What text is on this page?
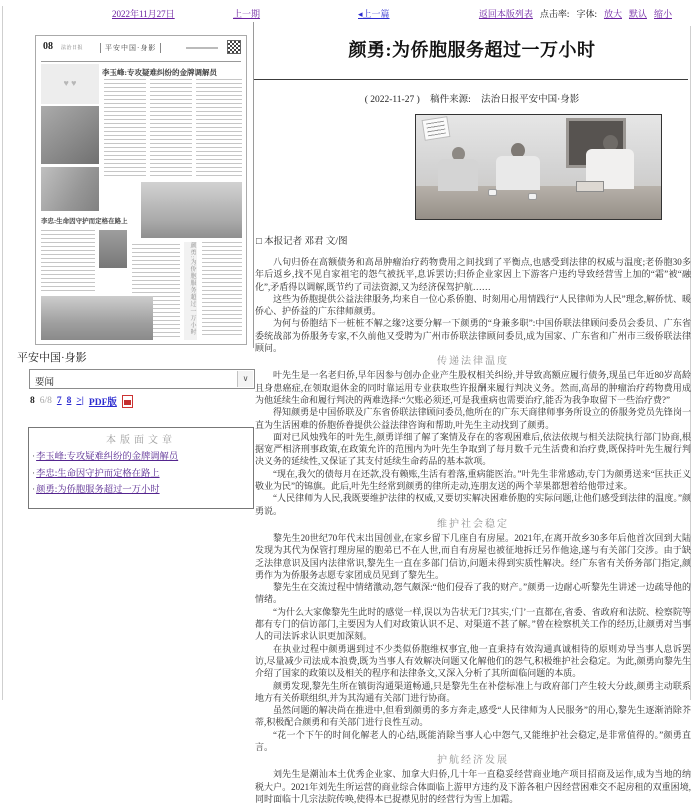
2022年11月27日	上一期	◂上一篇	返回本版列表 点击率: 字体: 放大 默认 缩小
08 法治日报	平安中国·身影
李玉峰:专攻疑难纠纷的金牌调解员
♥ ♥
李忠:生命因守护而定格在路上
颜勇:为侨胞服务超过一万小时
平安中国·身影
要闻	∨
8 6/8 7 8 >| PDF版
本版面文章
·李玉峰:专攻疑难纠纷的金牌调解员
·李忠:生命因守护而定格在路上
·颜勇:为侨胞服务超过一万小时
颜勇:为侨胞服务超过一万小时
( 2022-11-27 ) 稿件来源: 法治日报平安中国·身影
□ 本报记者 邓君 文/图

八旬归侨在高额债务和高昂肿瘤治疗药物费用之间找到了平衡点,也感受到法律的权威与温度;老侨胞30多年后返乡,找不见自家祖宅的怨气被抚平,息诉罢访;归侨企业家因上下游客户违约导致经营雪上加的“霜”被“融化”,矛盾得以调解,既节约了司法资源,又为经济保驾护航……

这些为侨胞提供公益法律服务,均来自一位心系侨胞、时刻用心用情践行“人民律师为人民”理念,解侨忧、暖侨心、护侨益的广东律师颜勇。

为何与侨胞结下一桩桩不解之缘?这要分解一下颜勇的“身兼多职”:中国侨联法律顾问委员会委员、广东省委统战部为侨服务专家,不久前他又受聘为广州市侨联法律顾问委员,成为国家、广东省和广州市三级侨联法律顾问。

传递法律温度

叶先生是一名老归侨,早年因参与创办企业产生股权相关纠纷,并导致高额应履行债务,现虽已年近80岁高龄且身患癌症,在领取退休金的同时靠运用专业获取些许报酬来履行判决义务。然而,高昂的肿瘤治疗药物费用成为他延续生命和履行判决的两难选择:“欠账必须还,可是我重病也需要治疗,能否为我争取留下一些治疗费?”

得知颜勇是中国侨联及广东省侨联法律顾问委员,他所在的广东天商律师事务所设立的侨服务党员先锋岗一直为生活困难的侨胞侨眷提供公益法律咨询和帮助,叶先生主动找到了颜勇。

面对已风烛残年的叶先生,颜勇详细了解了案情及存在的客观困难后,依法依规与相关法院执行部门协商,根据宽严相济刑事政策,在政策允许的范围内为叶先生争取到了每月数千元生活费和治疗费,既保持叶先生履行判决义务的延续性,又保证了其支付延续生命药品的基本款项。

“现在,我欠的债每月在还款,没有赖账,生活有着落,重病能医治。”叶先生非常感动,专门为颜勇送来“匡扶正义敬业为民”的锦旗。此后,叶先生经常到颜勇的律所走动,连朋友送的两个苹果都想着给他带过来。

“人民律师为人民,我既要维护法律的权威,又要切实解决困难侨胞的实际问题,让他们感受到法律的温度。”颜勇说。

维护社会稳定

黎先生20世纪70年代末出国创业,在家乡留下几座自有房屋。2021年,在离开故乡30多年后他首次回到大陆发现为其代为保管打理房屋的胞弟已不在人世,而自有房屋也被征地拆迁另作他途,遂与有关部门交涉。由于缺乏法律意识及国内法律常识,黎先生一直在多部门信访,问题未得到实质性解决。经广东省有关侨务部门指定,颜勇作为为侨服务志愿专家团成员见到了黎先生。

黎先生在交流过程中情绪激动,怨气颇深:“他们侵吞了我的财产。”颜勇一边耐心听黎先生讲述一边疏导他的情绪。

“为什么大家像黎先生此时的感觉一样,误以为告状无门?其实,‘门’一直都在,省委、省政府和法院、检察院等都有专门的信访部门,主要因为人们对政策认识不足、对渠道不甚了解。”曾在检察机关工作的经历,让颜勇对当事人的司法诉求认识更加深刻。

在执业过程中颜勇遇到过不少类似侨胞维权事宜,他一直秉持有效沟通真诚相待的原则劝导当事人息诉罢访,尽量减少司法成本浪费,既为当事人有效解决问题又化解他们的怨气,积极维护社会稳定。为此,颜勇向黎先生介绍了国家的政策以及相关的程序和法律条文,又深入分析了其所面临问题的本质。

颜勇发现,黎先生所在镇街沟通渠道畅通,只是黎先生在补偿标准上与政府部门产生较大分歧,颜勇主动联系地方有关侨联组织,并为其沟通有关部门进行协商。

虽然问题的解决尚在推进中,但看到颜勇的多方奔走,感受“人民律师为人民服务”的用心,黎先生逐渐消除芥蒂,积极配合颜勇和有关部门进行良性互动。

“花一个下午的时间化解老人的心结,既能消除当事人心中怨气,又能维护社会稳定,是非常值得的。”颜勇直言。

护航经济发展

刘先生是潮汕本土优秀企业家、加拿大归侨,几十年一直稳妥经营商业地产项目招商及运作,成为当地的纳税大户。2021年刘先生所运营的商业综合体面临上游甲方违约及下游各租户因经营困难交不起房租的双重困境,同时面临十几宗法院传唤,使得本已捉襟见肘的经营行为雪上加霜。
